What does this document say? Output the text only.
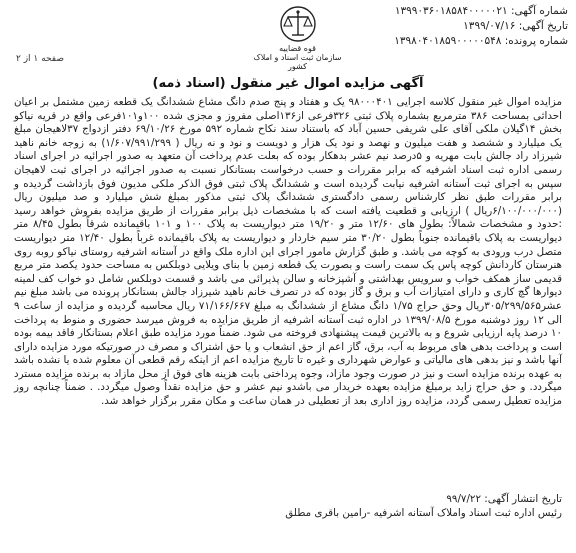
شماره آگهی: ۱۳۹۹۰۳۶۰۱۸۵۸۴۰۰۰۰۰۲۱
تاریخ آگهی: ۱۳۹۹/۰۷/۱۶
شماره پرونده: ۱۳۹۸۰۴۰۱۸۵۹۰۰۰۰۰۵۴۸
قوه قضاییه
سازمان ثبت اسناد و املاک کشور
صفحه ۱ از ۲
آگهی مزایده اموال غیر منقول (اسناد ذمه)

مزایده اموال غیر منقول کلاسه اجرایی ۹۸۰۰۰۴۰۱ یک و هفتاد و پنج صدم دانگ مشاع ششدانگ یک قطعه زمین مشتمل بر اعیان احداثی بمساحت ۳۸۶ مترمربع بشماره پلاک ثبتی ۳۲۶فرعی از۱۳۶اصلی مفروز و مجزی شده ۱۰۰و۱۰۱فرعی واقع در قریه نیاکو بخش ۱۴گیلان ملکی آقای علی شریفی حسین آباد که باستناد سند نکاح شماره ۵۹۲ مورخ ۶۹/۱۰/۲۶ دفتر ازدواج ۳۷لاهیجان مبلغ یک میلیارد و ششصد و هفت میلیون و نهصد و نود یک هزار و دویست و نود و نه ریال ( ۱/۶۰۷/۹۹۱/۲۹۹) به زوجه خانم ناهید شیرزاد راد جالش بابت مهریه و ۵درصد نیم عشر بدهکار بوده که بعلت عدم پرداخت آن متعهد به صدور اجرائیه در اجرای اسناد رسمی اداره ثبت اسناد اشرفیه که برابر مقررات و حسب درخواست بستانکار نسبت به صدور اجرائیه در اجرای ثبت لاهیجان سپس به اجرای ثبت آستانه اشرفیه نیابت گردیده است و ششدانگ پلاک ثبتی فوق الذکر ملکی مدیون فوق بازداشت گردیده و برابر مقررات طبق نظر کارشناس رسمی دادگستری ششدانگ پلاک ثبتی مذکور بمبلغ شش میلیارد و صد میلیون ریال (۶/۱۰۰/۰۰۰/۰۰۰ریال ) ارزیابی و قطعیت یافته است که با مشخصات ذیل برابر مقررات از طریق مزایده بفروش خواهد رسید :حدود و مشخصات شمالاً: بطول های ۱۲/۶۰ متر و ۱۹/۲۰ متر دیواریست به پلاک ۱۰۰ و ۱۰۱ باقیمانده شرقاً بطول ۸/۴۵ متر دیواریست به پلاک باقیمانده جنوباً بطول ۳۰/۲۰ متر سیم خاردار و دیواریست به پلاک باقیمانده غرباً بطول ۱۲/۴۰ متر دیواریست متصل درب ورودی به کوچه می باشد. و طبق گزارش مامور اجرای این اداره ملک واقع در آستانه اشرفیه روستای نیاکو روبه روی هنرستان کاردانش کوچه پاس یک سمت راست و بصورت یک قطعه زمین با بنای ویلایی دوبلکس به مساحت حدود یکصد متر مربع قدیمی ساز همکف خواب و سرویس بهداشتی و آشپزخانه و سالن پذیرائی می باشد و قسمت دوبلکس شامل دو خواب کف لمینه دیوارها گچ کاری و دارای امتیازات آب و برق و گاز بوده که در تصرف خانم ناهید شیرزاد جالش بستانکار پرونده می باشد مبلغ نیم عشر۳۰۵/۲۹۹/۵۶۵ریال وحق حراج ۱/۷۵ دانگ مشاع از ششدانگ به مبلغ ۷۱/۱۶۶/۶۶۷ ریال محاسبه گردیده و مزایده از ساعت ۹ الی ۱۲ روز دوشنبه مورخ ۱۳۹۹/۰۸/۵ در اداره ثبت آستانه اشرفیه از طریق مزایده به فروش میرسد حضوری و منوط به پرداخت ۱۰ درصد پایه ارزیابی شروع و به بالاترین قیمت پیشنهادی فروخته می شود. ضمناً مورد مزایده طبق اعلام بستانکار فاقد بیمه بوده است و پرداخت بدهی های مربوط به آب، برق، گاز اعم از حق انشعاب و یا حق اشتراک و مصرف در صورتیکه مورد مزایده دارای آنها باشد و نیز بدهی های مالیاتی و عوارض شهرداری و غیره تا تاریخ مزایده اعم از اینکه رقم قطعی آن معلوم شده یا نشده باشد به عهده برنده مزایده است و نیز در صورت وجود مازاد، وجوه پرداختی بابت هزینه های فوق از محل مازاد به برنده مزایده مسترد میگردد. و حق حراج زاید برمبلغ مزایده بعهده خریدار می باشدو نیم عشر و حق مزایده نقداً وصول میگردد. . ضمناً چنانچه روز مزایده تعطیل رسمی گردد، مزایده روز اداری بعد از تعطیلی در همان ساعت و مکان مقرر برگزار خواهد شد.

تاریخ انتشار آگهی: ۹۹/۷/۲۲
رئیس اداره ثبت اسناد واملاک آستانه اشرفیه -رامین باقری مطلق
